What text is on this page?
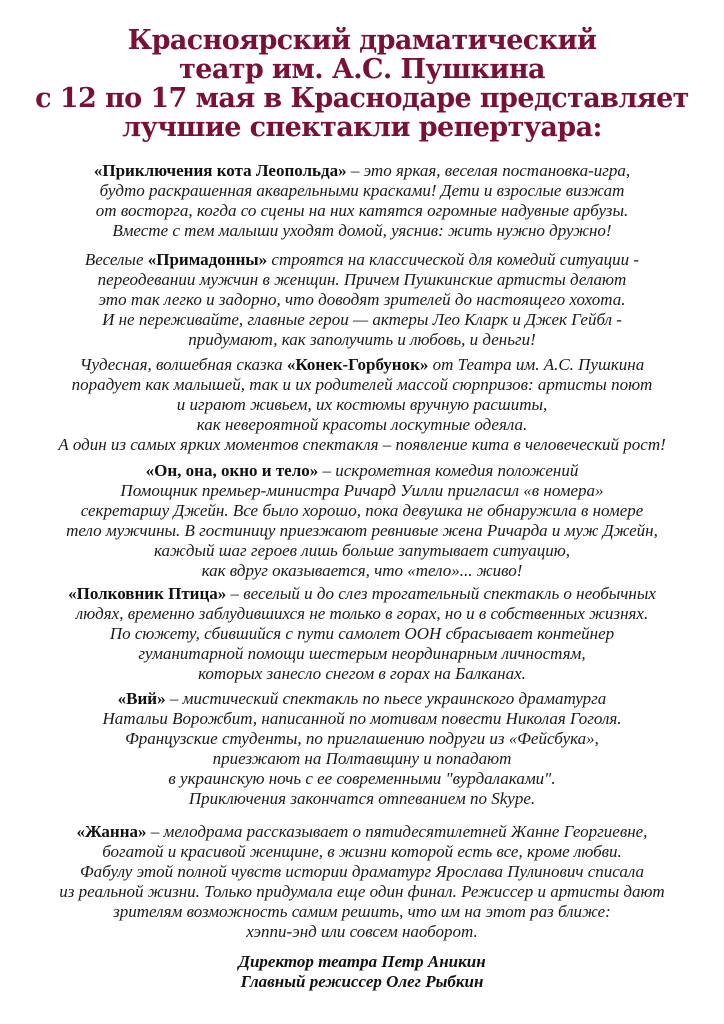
Красноярский драматический
театр им. А.С. Пушкина
с 12 по 17 мая в Краснодаре представляет
лучшие спектакли репертуара:
«Приключения кота Леопольда» – это яркая, веселая постановка-игра,
будто раскрашенная акварельными красками! Дети и взрослые визжат
от восторга, когда со сцены на них катятся огромные надувные арбузы.
Вместе с тем малыши уходят домой, уяснив: жить нужно дружно!
Веселые «Примадонны» строятся на классической для комедий ситуации -
переодевании мужчин в женщин. Причем Пушкинские артисты делают
это так легко и задорно, что доводят зрителей до настоящего хохота.
И не переживайте, главные герои — актеры Лео Кларк и Джек Гейбл -
придумают, как заполучить и любовь, и деньги!
Чудесная, волшебная сказка «Конек-Горбунок» от Театра им. А.С. Пушкина
порадует как малышей, так и их родителей массой сюрпризов: артисты поют
и играют живьем, их костюмы вручную расшиты,
как невероятной красоты лоскутные одеяла.
А один из самых ярких моментов спектакля – появление кита в человеческий рост!
«Он, она, окно и тело» – искрометная комедия положений
Помощник премьер-министра Ричард Уилли пригласил «в номера»
секретаршу Джейн. Все было хорошо, пока девушка не обнаружила в номере
тело мужчины. В гостиницу приезжают ревнивые жена Ричарда и муж Джейн,
каждый шаг героев лишь больше запутывает ситуацию,
как вдруг оказывается, что «тело»... живо!
«Полковник Птица» – веселый и до слез трогательный спектакль о необычных
людях, временно заблудившихся не только в горах, но и в собственных жизнях.
По сюжету, сбившийся с пути самолет ООН сбрасывает контейнер
гуманитарной помощи шестерым неординарным личностям,
которых занесло снегом в горах на Балканах.
«Вий» – мистический спектакль по пьесе украинского драматурга
Натальи Ворожбит, написанной по мотивам повести Николая Гоголя.
Французские студенты, по приглашению подруги из «Фейсбука»,
приезжают на Полтавщину и попадают
в украинскую ночь с ее современными "вурдалаками".
Приключения закончатся отпеванием по Skype.
«Жанна» – мелодрама рассказывает о пятидесятилетней Жанне Георгиевне,
богатой и красивой женщине, в жизни которой есть все, кроме любви.
Фабулу этой полной чувств истории драматург Ярослава Пулинович списала
из реальной жизни. Только придумала еще один финал. Режиссер и артисты дают
зрителям возможность самим решить, что им на этот раз ближе:
хэппи-энд или совсем наоборот.
Директор театра Петр Аникин
Главный режиссер Олег Рыбкин
